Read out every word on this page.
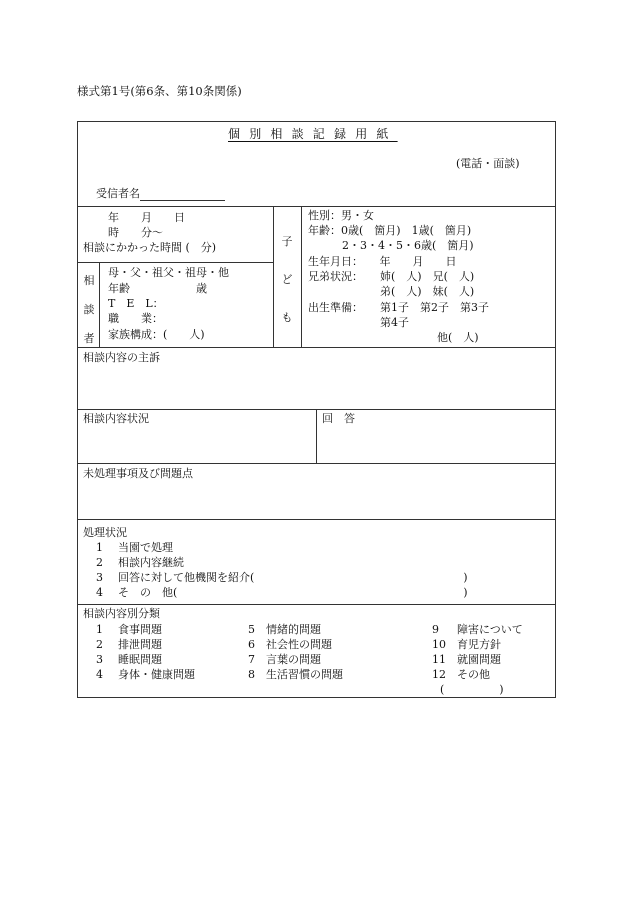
様式第1号(第6条、第10条関係)
個別相談記録用紙
(電話・面談)
受信者名
年　　月　　日
時　　分〜
相談にかかった時間 (　分)
相
談
者
母・父・祖父・祖母・他
年齢　　　　　　歳
T　E　L：
職　　業：
家族構成：(　　人)
子
ど
も
性別：男・女
年齢：0歳(　箇月)　1歳(　箇月)
2・3・4・5・6歳(　箇月)
生年月日：　　年　　月　　日
兄弟状況： 姉(　人)　兄(　人)
弟(　人)　妹(　人)
出生準備： 第1子　第2子　第3子
第4子
他(　人)
相談内容の主訴
相談内容状況	回　答
未処理事項及び問題点
処理状況
1 当園で処理
2 相談内容継続
3 回答に対して他機関を紹介(　　　　　　　　　　　　　　　　　　　)
4 そ　の　他(　　　　　　　　　　　　　　　　　　　　　　　　　　)
相談内容別分類
1 食事問題
2 排泄問題
3 睡眠問題
4 身体・健康問題
5 情緒的問題
6 社会性の問題
7 言葉の問題
8 生活習慣の問題
9 障害について
10 育児方針
11 就園問題
12 その他
(　　　　　)
